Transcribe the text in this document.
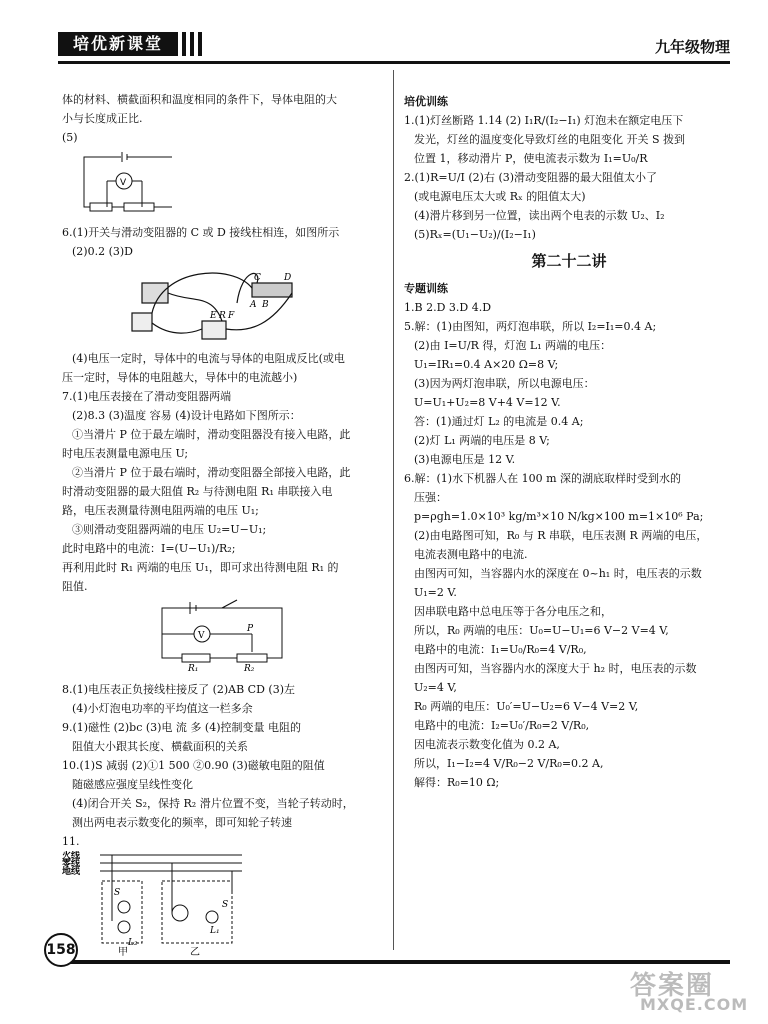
培优新课堂	九年级物理

体的材料、横截面积和温度相同的条件下，导体电阻的大

小与长度成正比.

(5)

V

6.(1)开关与滑动变阻器的 C 或 D 接线柱相连，如图所示

(2)0.2 (3)D

C	D
A B
E R F

(4)电压一定时，导体中的电流与导体的电阻成反比(或电

压一定时，导体的电阻越大，导体中的电流越小)

7.(1)电压表接在了滑动变阻器两端

(2)8.3 (3)温度 容易 (4)设计电路如下图所示：

①当滑片 P 位于最左端时，滑动变阻器没有接入电路，此

时电压表测量电源电压 U;

②当滑片 P 位于最右端时，滑动变阻器全部接入电路，此

时滑动变阻器的最大阻值 R₂ 与待测电阻 R₁ 串联接入电

路，电压表测量待测电阻两端的电压 U₁;

③则滑动变阻器两端的电压 U₂=U−U₁;

此时电路中的电流：I=(U−U₁)/R₂;

再利用此时 R₁ 两端的电压 U₁，即可求出待测电阻 R₁ 的

阻值.

V
P
R₁	R₂

8.(1)电压表正负接线柱接反了 (2)AB CD (3)左

(4)小灯泡电功率的平均值这一栏多余

9.(1)磁性 (2)bc (3)电 流 多 (4)控制变量 电阻的

阻值大小跟其长度、横截面积的关系

10.(1)S 减弱 (2)①1 500 ②0.90 (3)磁敏电阻的阻值

随磁感应强度呈线性变化

(4)闭合开关 S₂，保持 R₂ 滑片位置不变，当轮子转动时，

测出两电表示数变化的频率，即可知轮子转速

11.

S
S
L₁
L₂
甲	乙
火线
零线
地线

培优训练

1.(1)灯丝断路 1.14 (2) I₁R/(I₂−I₁) 灯泡未在额定电压下

发光，灯丝的温度变化导致灯丝的电阻变化 开关 S 拨到

位置 1，移动滑片 P，使电流表示数为 I₁=U₀/R

2.(1)R=U/I (2)右 (3)滑动变阻器的最大阻值太小了

(或电源电压太大或 Rₓ 的阻值太大)

(4)滑片移到另一位置，读出两个电表的示数 U₂、I₂

(5)Rₓ=(U₁−U₂)/(I₂−I₁)

第二十二讲

专题训练

1.B 2.D 3.D 4.D

5.解：(1)由图知，两灯泡串联，所以 I₂=I₁=0.4 A;

(2)由 I=U/R 得，灯泡 L₁ 两端的电压：

U₁=IR₁=0.4 A×20 Ω=8 V;

(3)因为两灯泡串联，所以电源电压：

U=U₁+U₂=8 V+4 V=12 V.

答：(1)通过灯 L₂ 的电流是 0.4 A;

(2)灯 L₁ 两端的电压是 8 V;

(3)电源电压是 12 V.

6.解：(1)水下机器人在 100 m 深的湖底取样时受到水的

压强：

p=ρgh=1.0×10³ kg/m³×10 N/kg×100 m=1×10⁶ Pa;

(2)由电路图可知，R₀ 与 R 串联，电压表测 R 两端的电压，

电流表测电路中的电流.

由图丙可知，当容器内水的深度在 0~h₁ 时，电压表的示数

U₁=2 V.

因串联电路中总电压等于各分电压之和，

所以，R₀ 两端的电压：U₀=U−U₁=6 V−2 V=4 V,

电路中的电流：I₁=U₀/R₀=4 V/R₀,

由图丙可知，当容器内水的深度大于 h₂ 时，电压表的示数

U₂=4 V,

R₀ 两端的电压：U₀′=U−U₂=6 V−4 V=2 V,

电路中的电流：I₂=U₀′/R₀=2 V/R₀,

因电流表示数变化值为 0.2 A,

所以，I₁−I₂=4 V/R₀−2 V/R₀=0.2 A,

解得：R₀=10 Ω;

158
答案圈
MXQE.COM
